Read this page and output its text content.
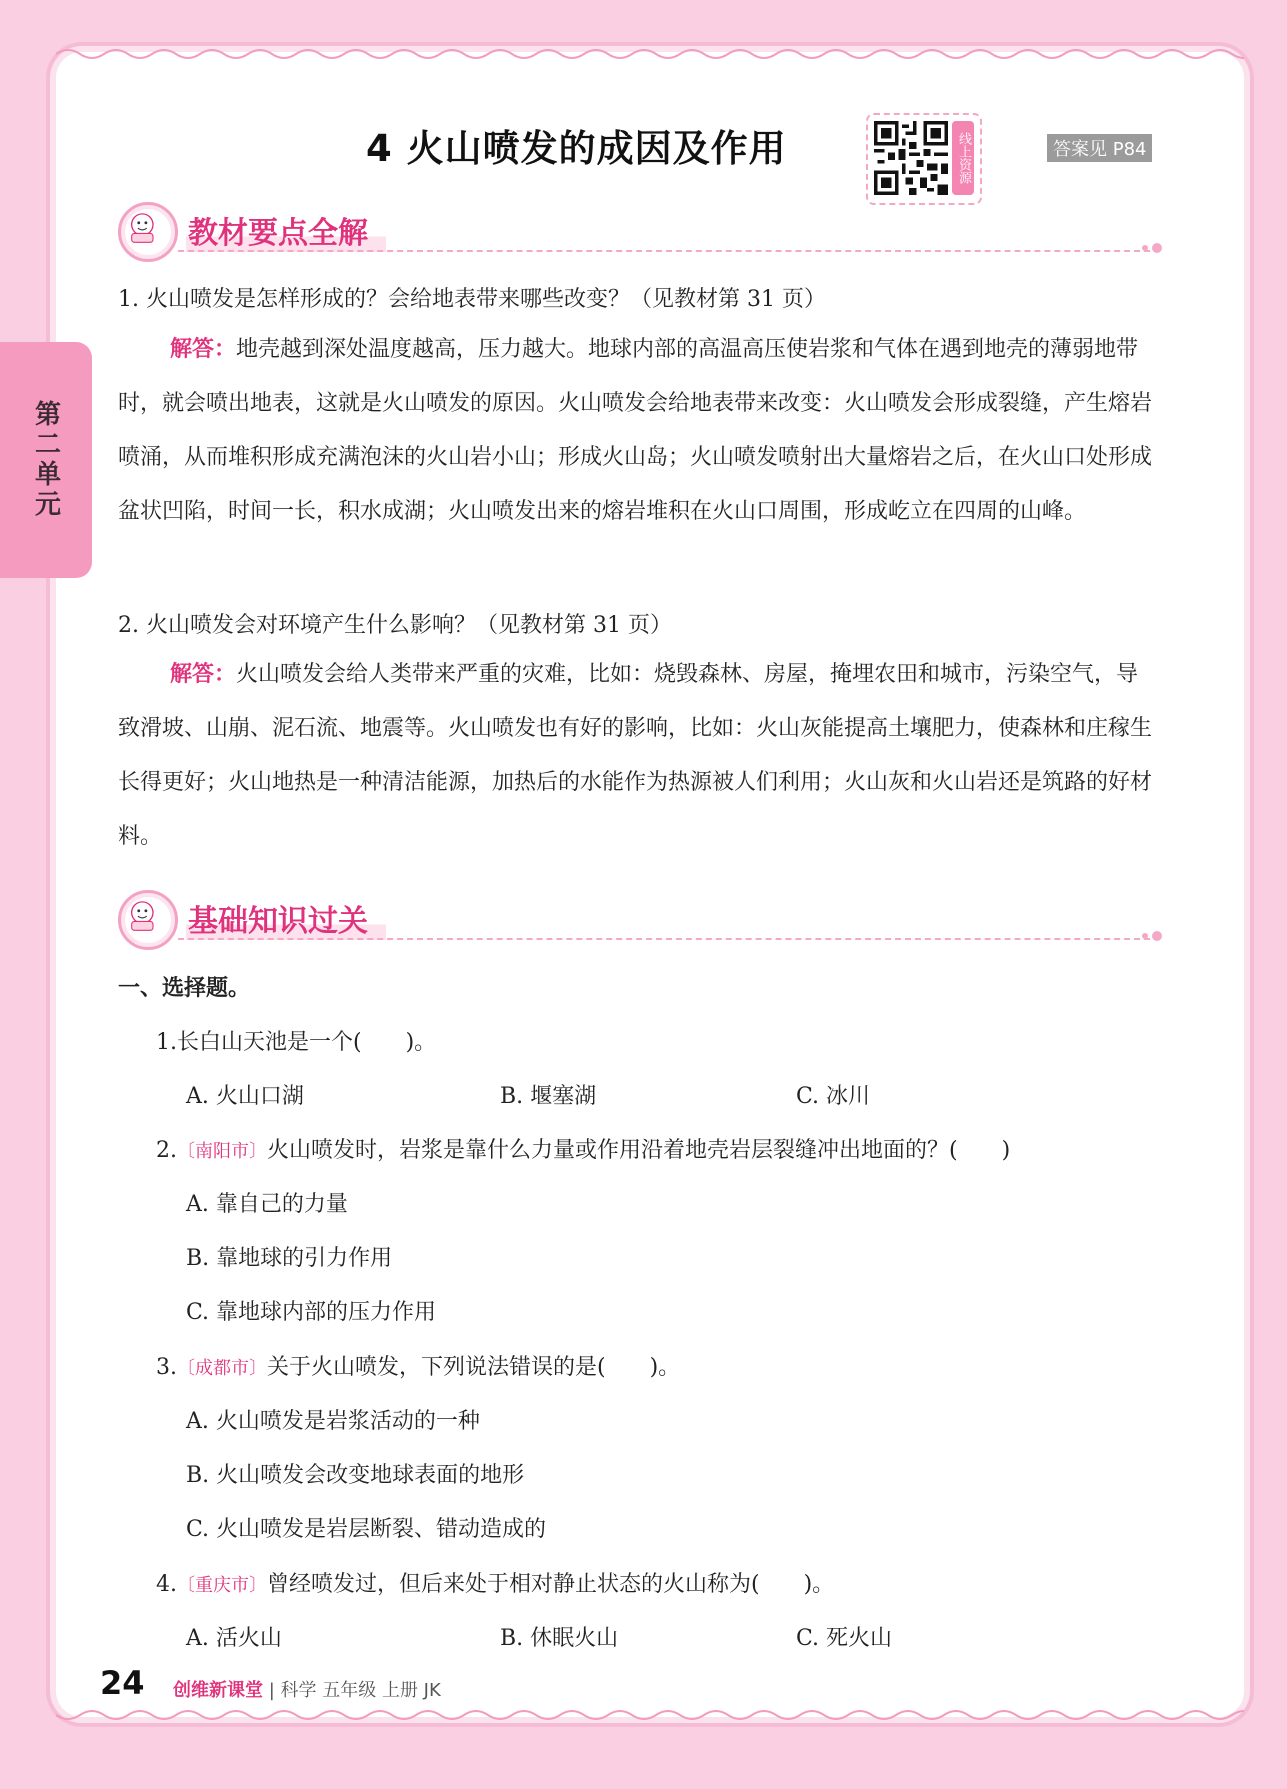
第二单元
4 火山喷发的成因及作用	线上资源	答案见 P84
教材要点全解
1. 火山喷发是怎样形成的？会给地表带来哪些改变？（见教材第 31 页）
解答：地壳越到深处温度越高，压力越大。地球内部的高温高压使岩浆和气体在遇到地壳的薄弱地带时，就会喷出地表，这就是火山喷发的原因。火山喷发会给地表带来改变：火山喷发会形成裂缝，产生熔岩喷涌，从而堆积形成充满泡沫的火山岩小山；形成火山岛；火山喷发喷射出大量熔岩之后，在火山口处形成盆状凹陷，时间一长，积水成湖；火山喷发出来的熔岩堆积在火山口周围，形成屹立在四周的山峰。
2. 火山喷发会对环境产生什么影响？（见教材第 31 页）
解答：火山喷发会给人类带来严重的灾难，比如：烧毁森林、房屋，掩埋农田和城市，污染空气，导致滑坡、山崩、泥石流、地震等。火山喷发也有好的影响，比如：火山灰能提高土壤肥力，使森林和庄稼生长得更好；火山地热是一种清洁能源，加热后的水能作为热源被人们利用；火山灰和火山岩还是筑路的好材料。
基础知识过关
一、选择题。
1.长白山天池是一个(　　)。
A. 火山口湖	B. 堰塞湖	C. 冰川
2.〔南阳市〕火山喷发时，岩浆是靠什么力量或作用沿着地壳岩层裂缝冲出地面的？(　　)
A. 靠自己的力量
B. 靠地球的引力作用
C. 靠地球内部的压力作用
3.〔成都市〕关于火山喷发，下列说法错误的是(　　)。
A. 火山喷发是岩浆活动的一种
B. 火山喷发会改变地球表面的地形
C. 火山喷发是岩层断裂、错动造成的
4.〔重庆市〕曾经喷发过，但后来处于相对静止状态的火山称为(　　)。
A. 活火山	B. 休眠火山	C. 死火山
24 创维新课堂 | 科学 五年级 上册 JK
